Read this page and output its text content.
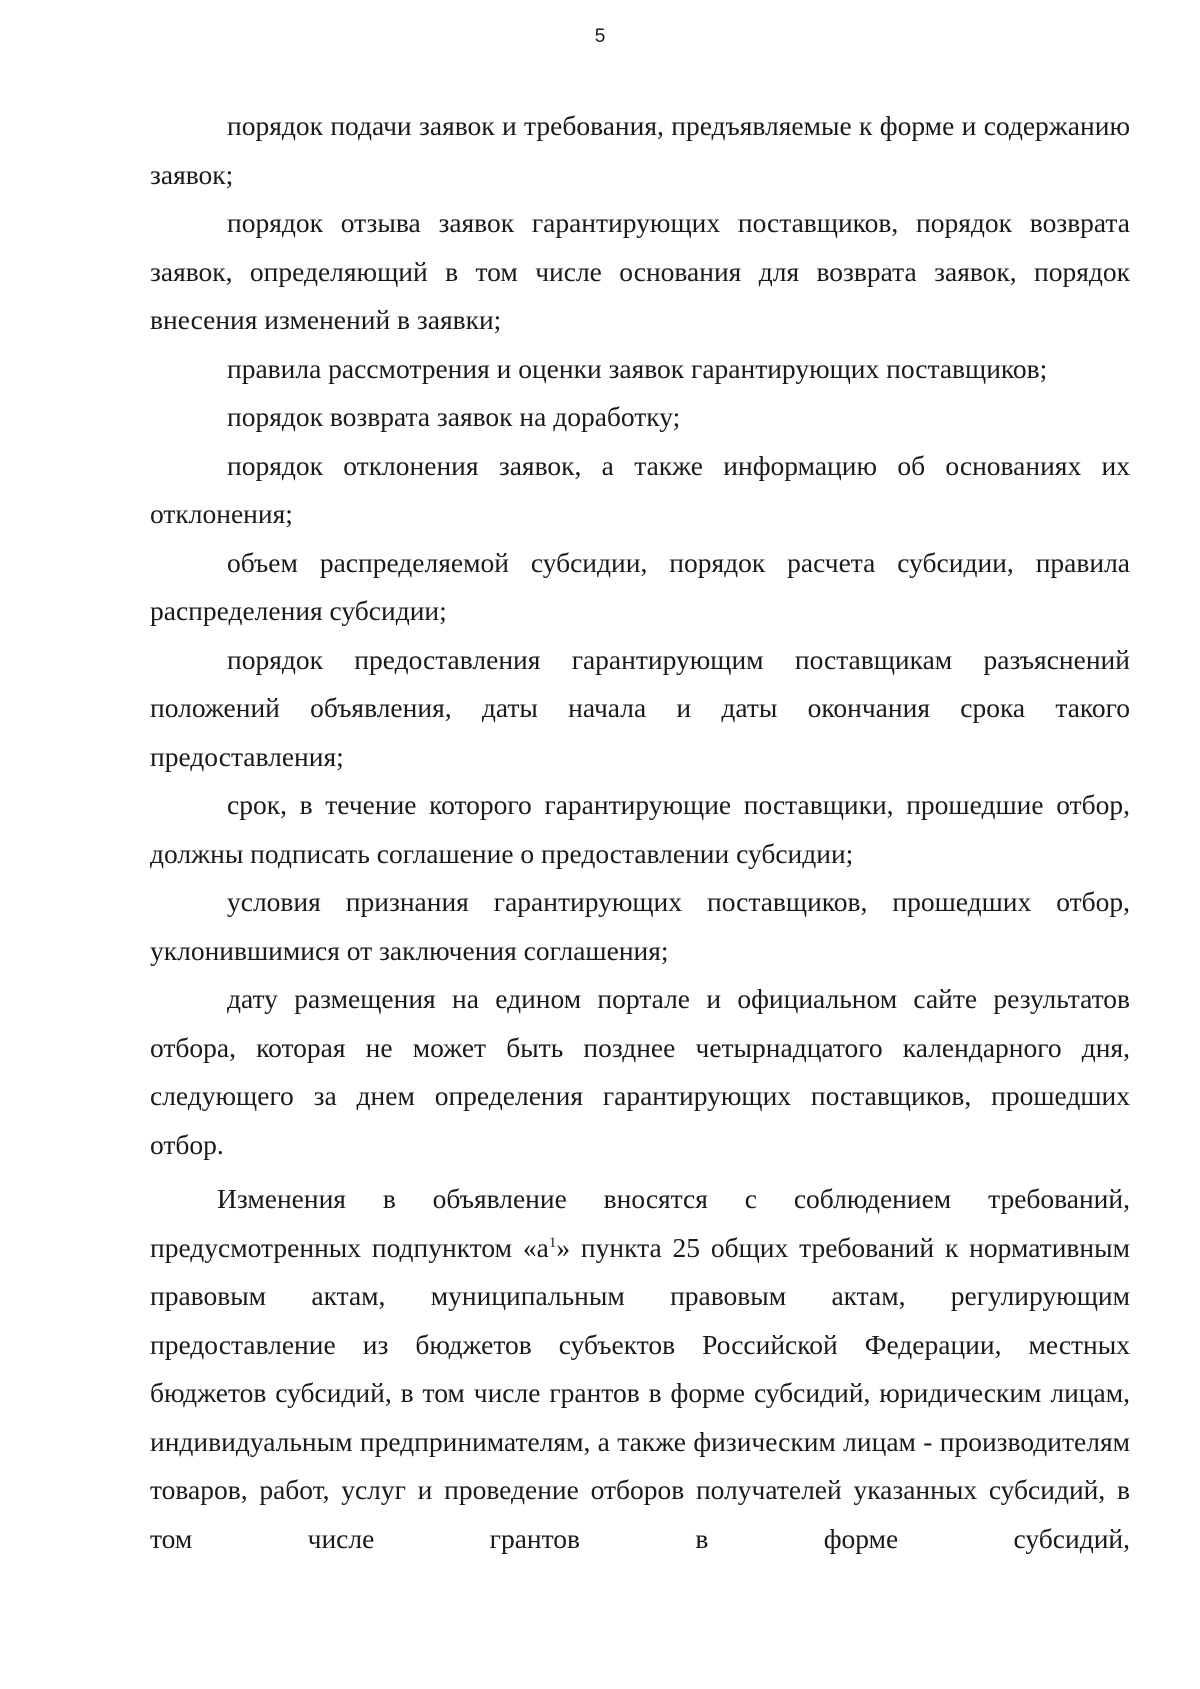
5

порядок подачи заявок и требования, предъявляемые к форме и содержанию заявок;

порядок отзыва заявок гарантирующих поставщиков, порядок возврата заявок, определяющий в том числе основания для возврата заявок, порядок внесения изменений в заявки;

правила рассмотрения и оценки заявок гарантирующих поставщиков;

порядок возврата заявок на доработку;

порядок отклонения заявок, а также информацию об основаниях их отклонения;

объем распределяемой субсидии, порядок расчета субсидии, правила распределения субсидии;

порядок предоставления гарантирующим поставщикам разъяснений положений объявления, даты начала и даты окончания срока такого предоставления;

срок, в течение которого гарантирующие поставщики, прошедшие отбор, должны подписать соглашение о предоставлении субсидии;

условия признания гарантирующих поставщиков, прошедших отбор, уклонившимися от заключения соглашения;

дату размещения на едином портале и официальном сайте результатов отбора, которая не может быть позднее четырнадцатого календарного дня, следующего за днем определения гарантирующих поставщиков, прошедших отбор.

Изменения в объявление вносятся с соблюдением требований, предусмотренных подпунктом «$а^1$» пункта 25 общих требований к нормативным правовым актам, муниципальным правовым актам, регулирующим предоставление из бюджетов субъектов Российской Федерации, местных бюджетов субсидий, в том числе грантов в форме субсидий, юридическим лицам, индивидуальным предпринимателям, а также физическим лицам - производителям товаров, работ, услуг и проведение отборов получателей указанных субсидий, в том числе грантов в форме субсидий,
